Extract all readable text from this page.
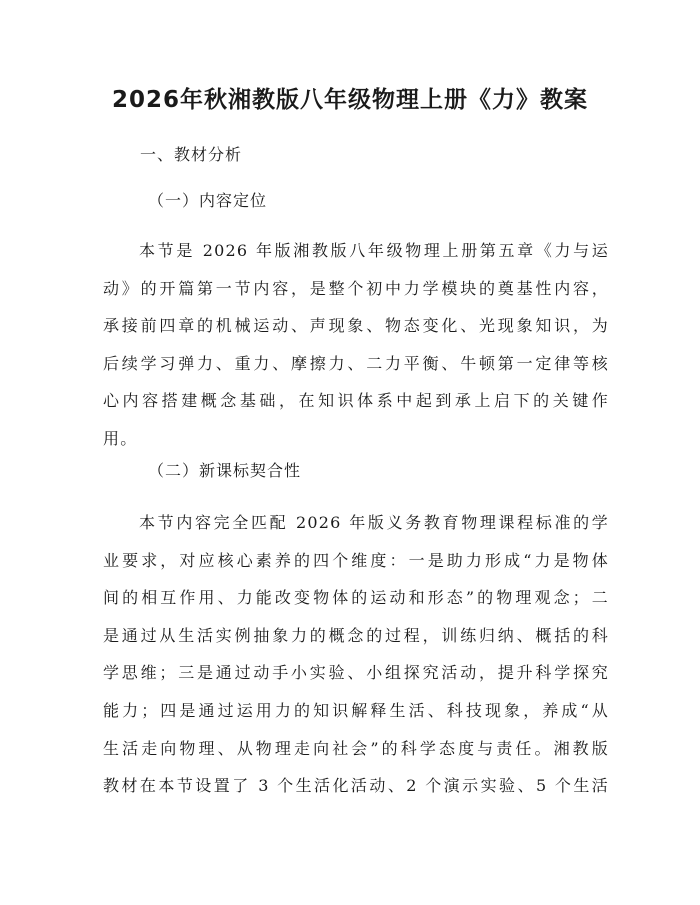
2026年秋湘教版八年级物理上册《力》教案
一、教材分析
（一）内容定位
本节是 2026 年版湘教版八年级物理上册第五章《力与运
动》的开篇第一节内容，是整个初中力学模块的奠基性内容，
承接前四章的机械运动、声现象、物态变化、光现象知识，为
后续学习弹力、重力、摩擦力、二力平衡、牛顿第一定律等核
心内容搭建概念基础，在知识体系中起到承上启下的关键作
用。
（二）新课标契合性
本节内容完全匹配 2026 年版义务教育物理课程标准的学
业要求，对应核心素养的四个维度：一是助力形成“力是物体
间的相互作用、力能改变物体的运动和形态”的物理观念；二
是通过从生活实例抽象力的概念的过程，训练归纳、概括的科
学思维；三是通过动手小实验、小组探究活动，提升科学探究
能力；四是通过运用力的知识解释生活、科技现象，养成“从
生活走向物理、从物理走向社会”的科学态度与责任。湘教版
教材在本节设置了 3 个生活化活动、2 个演示实验、5 个生活
